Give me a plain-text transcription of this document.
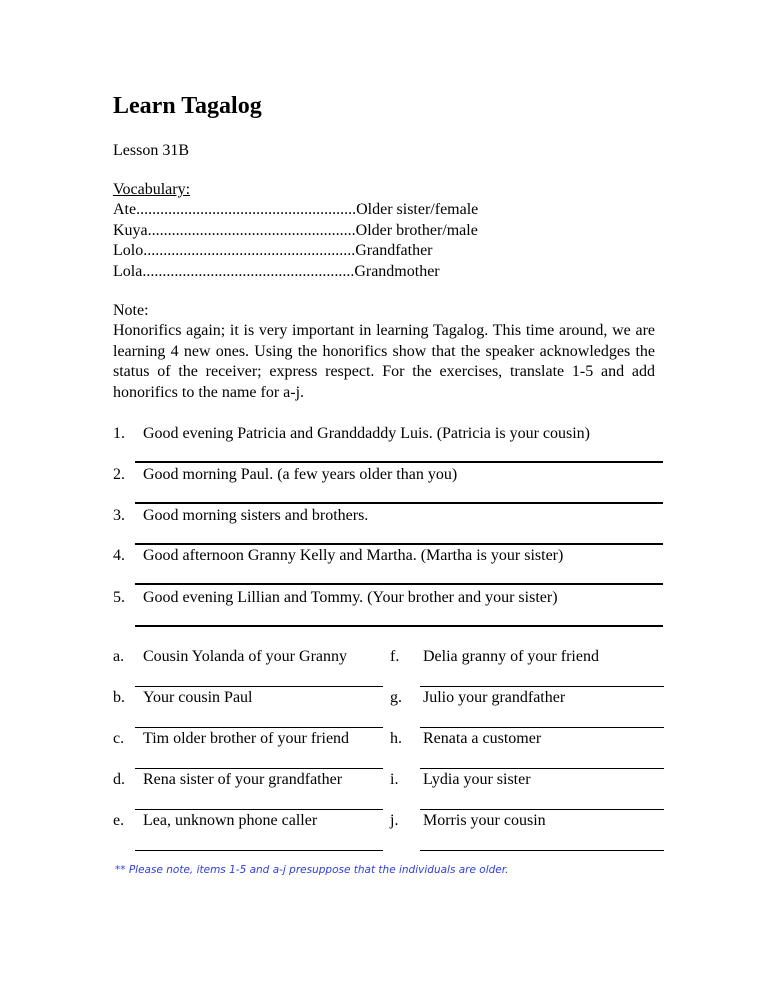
Learn Tagalog
Lesson 31B
Vocabulary:
Ate.......................................................Older sister/female
Kuya....................................................Older brother/male
Lolo.....................................................Grandfather
Lola.....................................................Grandmother
Note:

Honorifics again; it is very important in learning Tagalog. This time around, we are learning 4 new ones. Using the honorifics show that the speaker acknowledges the status of the receiver; express respect. For the exercises, translate 1-5 and add honorifics to the name for a-j.

1. Good evening Patricia and Granddaddy Luis. (Patricia is your cousin)
2. Good morning Paul. (a few years older than you)
3. Good morning sisters and brothers.
4. Good afternoon Granny Kelly and Martha. (Martha is your sister)
5. Good evening Lillian and Tommy. (Your brother and your sister)
a. Cousin Yolanda of your Granny
b. Your cousin Paul
c. Tim older brother of your friend
d. Rena sister of your grandfather
e. Lea, unknown phone caller
f. Delia granny of your friend
g. Julio your grandfather
h. Renata a customer
i. Lydia your sister
j. Morris your cousin
** Please note, items 1-5 and a-j presuppose that the individuals are older.
